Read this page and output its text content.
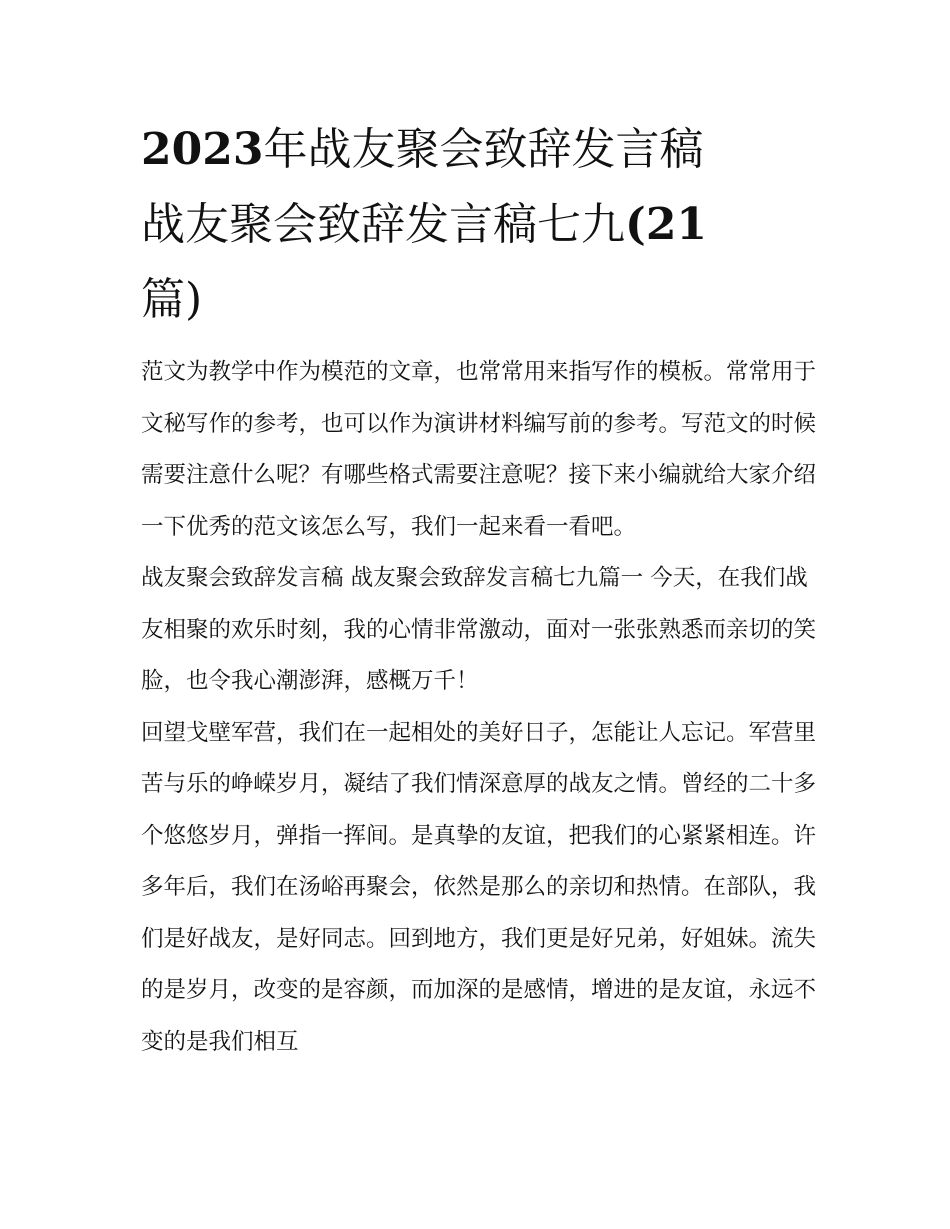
2023年战友聚会致辞发言稿
战友聚会致辞发言稿七九(21
篇)

范文为教学中作为模范的文章，也常常用来指写作的模板。常常用于文秘写作的参考，也可以作为演讲材料编写前的参考。写范文的时候需要注意什么呢？有哪些格式需要注意呢？接下来小编就给大家介绍一下优秀的范文该怎么写，我们一起来看一看吧。

战友聚会致辞发言稿 战友聚会致辞发言稿七九篇一 今天，在我们战友相聚的欢乐时刻，我的心情非常激动，面对一张张熟悉而亲切的笑脸，也令我心潮澎湃，感概万千！

回望戈壁军营，我们在一起相处的美好日子，怎能让人忘记。军营里苦与乐的峥嵘岁月，凝结了我们情深意厚的战友之情。曾经的二十多个悠悠岁月，弹指一挥间。是真挚的友谊，把我们的心紧紧相连。许多年后，我们在汤峪再聚会，依然是那么的亲切和热情。在部队，我们是好战友，是好同志。回到地方，我们更是好兄弟，好姐妹。流失的是岁月，改变的是容颜，而加深的是感情，增进的是友谊，永远不变的是我们相互
